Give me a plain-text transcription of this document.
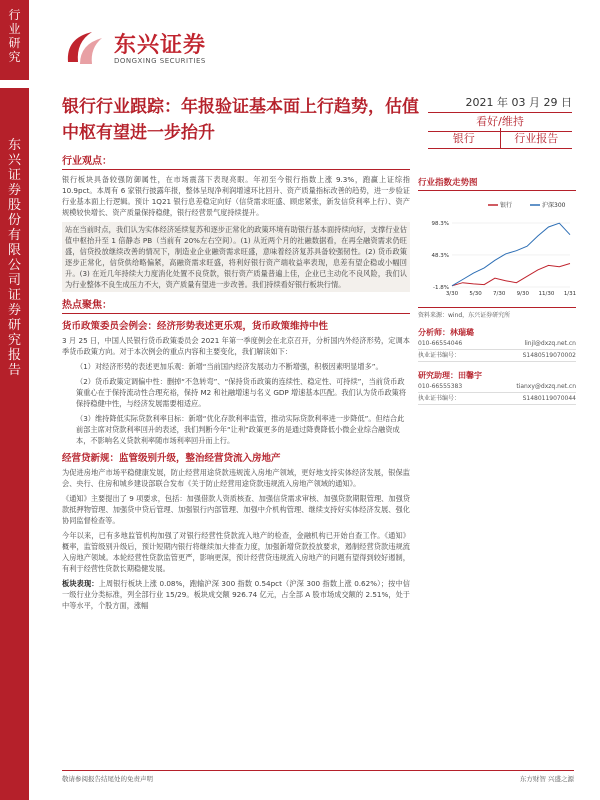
行
业
研
究
东
兴
证
券
股
份
有
限
公
司
证
券
研
究
报
告
东兴证券
DONGXING SECURITIES
银行行业跟踪：年报验证基本面上行趋势，估值中枢有望进一步抬升
2021 年 03 月 29 日
看好/维持
银行	行业报告
行业观点：

银行板块具备较强防御属性，在市场震荡下表现亮眼。年初至今银行指数上涨 9.3%，跑赢上证综指 10.9pct。本周有 6 家银行披露年报，整体呈现净利润增速环比回升、资产质量指标改善的趋势，进一步验证行业基本面上行逻辑。预计 1Q21 银行息差稳定向好（信贷需求旺盛、顾虑紧张，新发信贷利率上行）、资产规模较快增长、资产质量保持稳健，银行经营景气度持续提升。

站在当前时点，我们认为实体经济延续复苏和逐步正常化的政策环境有助银行基本面持续向好，支撑行业估值中枢抬升至 1 倍静态 PB（当前有 20%左右空间）。(1) 从近两个月的社融数据看，在再全融资需求仍旺盛，信贷投放继续改善的情况下，制造业企业融资需求旺盛，意味着经济复苏具备较强韧性。(2) 货币政策逐步正常化，信贷供给略偏紧，高融资需求旺盛，将利好银行资产端收益率表现，息差有望企稳或小幅回升。(3) 在近几年持续大力度消化处置不良贷款，银行资产质量普遍上佳，企业已主动化不良风险，我们认为行业整体不良生成压力不大，资产质量有望进一步改善。我们持续看好银行板块行情。

热点聚焦：
货币政策委员会例会：经济形势表述更乐观，货币政策维持中性

3 月 25 日，中国人民银行货币政策委员会 2021 年第一季度例会在北京召开，分析国内外经济形势，定调本季货币政策方向。对于本次例会的重点内容和主要变化，我们解读如下：

（1）对经济形势的表述更加乐观：新增“当前国内经济发展动力不断增强，积极因素明显增多”。

（2）货币政策定调偏中性：删掉“不急转弯”、“保持货币政策的连续性、稳定性、可持续”，当前货币政策重心在于保持流动性合理充裕，保持 M2 和社融增速与名义 GDP 增速基本匹配。我们认为货币政策将保持稳健中性，与经济发展需要相适应。

（3）维持降低实际贷款利率目标：新增“优化存款利率监管，推动实际贷款利率进一步降低”。但结合此前部主席对贷款利率回升的表述，我们判断今年“让利”政策更多的是通过降费降低小微企业综合融资成本，不影响名义贷款利率随市场利率回升而上行。

经营贷新规：监管级别升级，整治经营贷流入房地产

为促进房地产市场平稳健康发展，防止经营用途贷款违规流入房地产领域，更好地支持实体经济发展，银保监会、央行、住房和城乡建设部联合发布《关于防止经营用途贷款违规流入房地产领域的通知》。

《通知》主要提出了 9 项要求，包括：加强借款人资质核查、加强信贷需求审核、加强贷款期限管理、加强贷款抵押物管理、加强贷中贷后管理、加强银行内部管理、加强中介机构管理、继续支持好实体经济发展、强化协同监督检查等。

今年以来，已有多地监管机构加强了对银行经营性贷款流入地产的检查，金融机构已开始自查工作。《通知》概率，监管级别升级后，预计短期内银行将继续加大排查力度，加强新增贷款投放要求，遏制经营贷款违规流入房地产领域。本轮经营性贷款监管更严，影响更深，预计经营贷违规流入房地产的问题有望得到较好遏制，有利于经营性贷款长期稳健发展。

板块表现：上周银行板块上涨 0.08%，跑输沪深 300 指数 0.54pct（沪深 300 指数上涨 0.62%）；按中信一级行业分类标准，列全部行业 15/29。板块成交额 926.74 亿元，占全部 A 股市场成交额的 2.51%，处于中等水平，个股方面，涨幅

行业指数走势图
银行	沪深300
98.3%
48.3%
-1.8%
3/30 5/30 7/30 9/30 11/30 1/31
资料来源：wind，东兴证券研究所
分析师：林瑞璐
010-66554046	linjl@dxzq.net.cn
执业证书编号：	S1480519070002
研究助理：田馨宇
010-66555383	tianxy@dxzq.net.cn
执业证书编号：	S1480119070044
敬请参阅报告结尾处的免责声明	东方财智 兴盛之源
